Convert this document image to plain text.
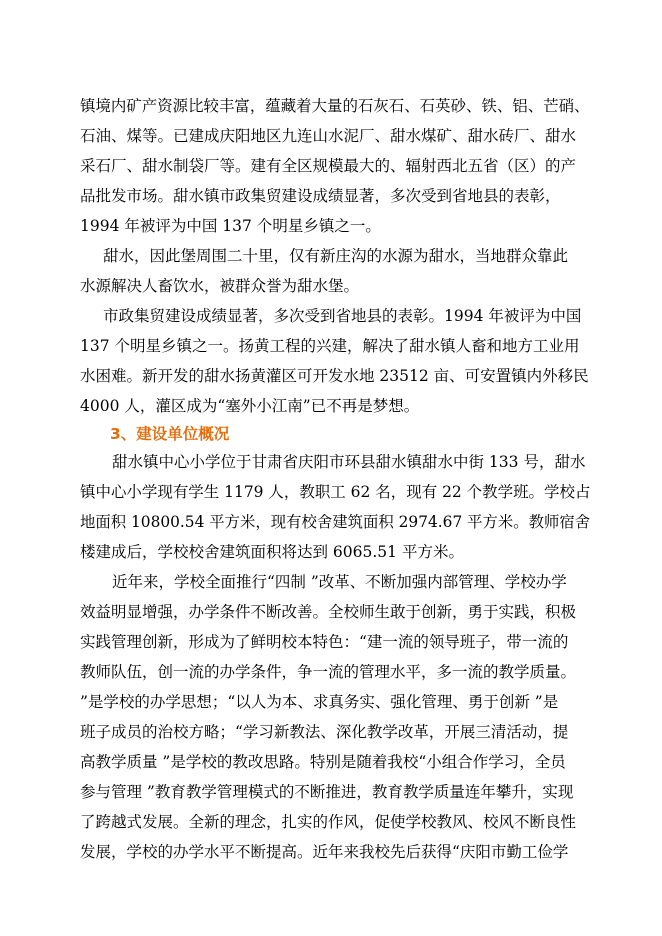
镇境内矿产资源比较丰富，蕴藏着大量的石灰石、石英砂、铁、铝、芒硝、
石油、煤等。已建成庆阳地区九连山水泥厂、甜水煤矿、甜水砖厂、甜水
采石厂、甜水制袋厂等。建有全区规模最大的、辐射西北五省（区）的产
品批发市场。甜水镇市政集贸建设成绩显著，多次受到省地县的表彰，
1994 年被评为中国 137 个明星乡镇之一。
甜水，因此堡周围二十里，仅有新庄沟的水源为甜水，当地群众靠此
水源解决人畜饮水，被群众誉为甜水堡。
市政集贸建设成绩显著，多次受到省地县的表彰。1994 年被评为中国
137 个明星乡镇之一。扬黄工程的兴建，解决了甜水镇人畜和地方工业用
水困难。新开发的甜水扬黄灌区可开发水地 23512 亩、可安置镇内外移民
4000 人，灌区成为“塞外小江南”已不再是梦想。
3、建设单位概况
甜水镇中心小学位于甘肃省庆阳市环县甜水镇甜水中街 133 号，甜水
镇中心小学现有学生 1179 人，教职工 62 名，现有 22 个教学班。学校占
地面积 10800.54 平方米，现有校舍建筑面积 2974.67 平方米。教师宿舍
楼建成后，学校校舍建筑面积将达到 6065.51 平方米。
近年来，学校全面推行“四制 ”改革、不断加强内部管理、学校办学
效益明显增强，办学条件不断改善。全校师生敢于创新，勇于实践，积极
实践管理创新，形成为了鲜明校本特色：“建一流的领导班子，带一流的
教师队伍，创一流的办学条件，争一流的管理水平，多一流的教学质量。
”是学校的办学思想；“以人为本、求真务实、强化管理、勇于创新 ”是
班子成员的治校方略；“学习新教法、深化教学改革，开展三清活动，提
高教学质量 ”是学校的教改思路。特别是随着我校“小组合作学习，全员
参与管理 ”教育教学管理模式的不断推进，教育教学质量连年攀升，实现
了跨越式发展。全新的理念，扎实的作风，促使学校教风、校风不断良性
发展，学校的办学水平不断提高。近年来我校先后获得“庆阳市勤工俭学
